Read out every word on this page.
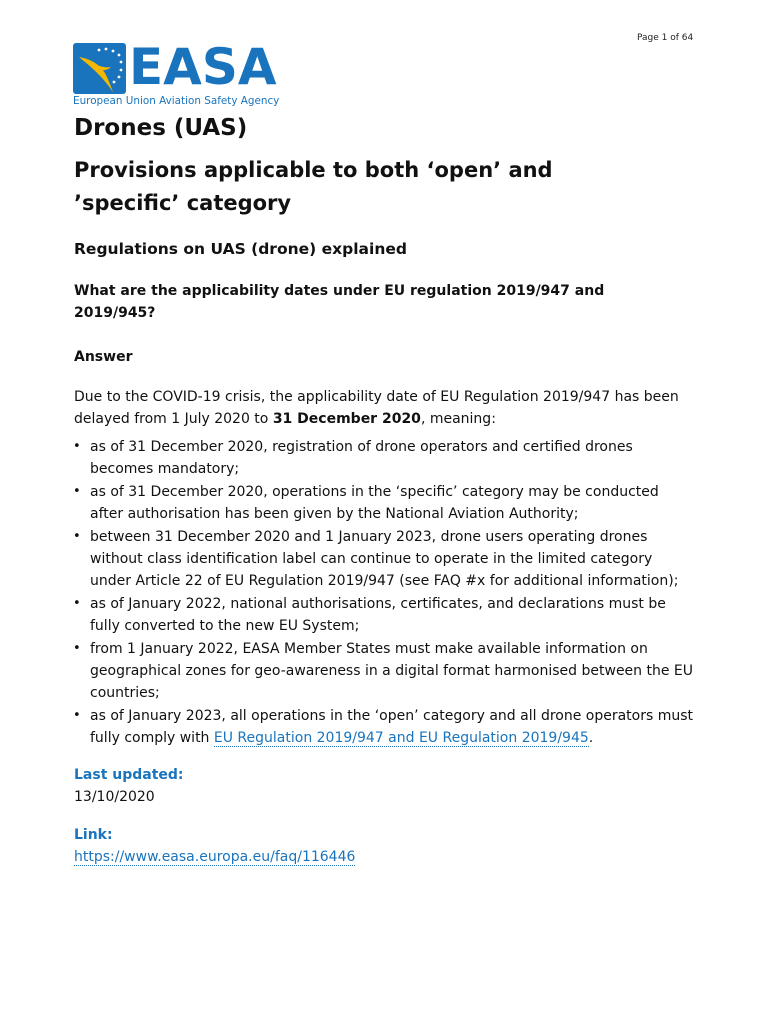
Page 1 of 64
EASA
European Union Aviation Safety Agency
Drones (UAS)
Provisions applicable to both ‘open’ and ’specific’ category
Regulations on UAS (drone) explained
What are the applicability dates under EU regulation 2019/947 and 2019/945?
Answer

Due to the COVID-19 crisis, the applicability date of EU Regulation 2019/947 has been delayed from 1 July 2020 to 31 December 2020, meaning:

• as of 31 December 2020, registration of drone operators and certified drones becomes mandatory;
• as of 31 December 2020, operations in the ‘specific’ category may be conducted after authorisation has been given by the National Aviation Authority;
• between 31 December 2020 and 1 January 2023, drone users operating drones without class identification label can continue to operate in the limited category under Article 22 of EU Regulation 2019/947 (see FAQ #x for additional information);
• as of January 2022, national authorisations, certificates, and declarations must be fully converted to the new EU System;
• from 1 January 2022, EASA Member States must make available information on geographical zones for geo-awareness in a digital format harmonised between the EU countries;
• as of January 2023, all operations in the ‘open’ category and all drone operators must fully comply with EU Regulation 2019/947 and EU Regulation 2019/945.
Last updated:
13/10/2020
Link:
https://www.easa.europa.eu/faq/116446
